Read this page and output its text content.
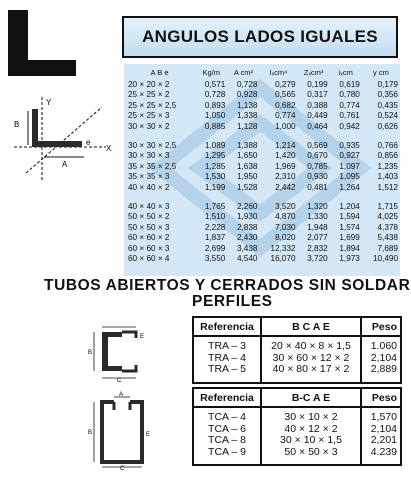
ANGULOS LADOS IGUALES
A B e	Kg/m	A cm²	Iₓcm⁴	Zₓcm³	iₓcm	y cm
20 × 20 × 2	0,571	0,728	0,279	0,199	0,619	0,179
25 × 25 × 2	0,728	0,928	0,565	0,317	0,780	0,356
25 × 25 × 2,5	0,893	1,138	0,682	0,388	0,774	0,435
25 × 25 × 3	1,050	1,338	0,774	0,449	0,761	0,524
30 × 30 × 2	0,885	1,128	1,000	0,464	0,942	0,626

30 × 30 × 2,5	1,089	1,388	1,214	0,569	0,935	0,766
30 × 30 × 3	1,295	1,650	1,420	0,670	0,927	0,856
35 × 35 × 2,5	1,285	1,638	1,969	0,785	1,097	1,235
35 × 35 × 3	1,530	1,950	2,310	0,930	1,095	1,403
40 × 40 × 2	1,199	1,528	2,442	0,481	1,264	1,512

40 × 40 × 3	1,765	2,260	3,520	1,320	1,204	1,715
50 × 50 × 2	1,510	1,930	4,870	1,330	1,594	4,025
50 × 50 × 3	2,228	2,838	7,030	1,948	1,574	4,378
60 × 60 × 2	1,837	2,430	8,020	2,077	1,699	5,438
60 × 60 × 3	2,699	3,438	12,332	2,832	1,894	7,689
60 × 60 × 4	3,550	4,540	16,070	3,720	1,973	10,490
B
A
e
Y
X
TUBOS ABIERTOS Y CERRADOS SIN SOLDAR
PERFILES
B
E
C
A
B	E
C
Referencia	B C A E	Peso

TRA – 3	20 × 40 × 8 × 1,5	1.060
TRA – 4	30 × 60 × 12 × 2	2,104
TRA – 5	40 × 80 × 17 × 2	2,889

Referencia	B-C A E	Peso

TCA – 4	30 × 10 × 2	1,570
TCA – 6	40 × 12 × 2	2,104
TCA – 8	30 × 10 × 1,5	2,201
TCA – 9	50 × 50 × 3	4.239
